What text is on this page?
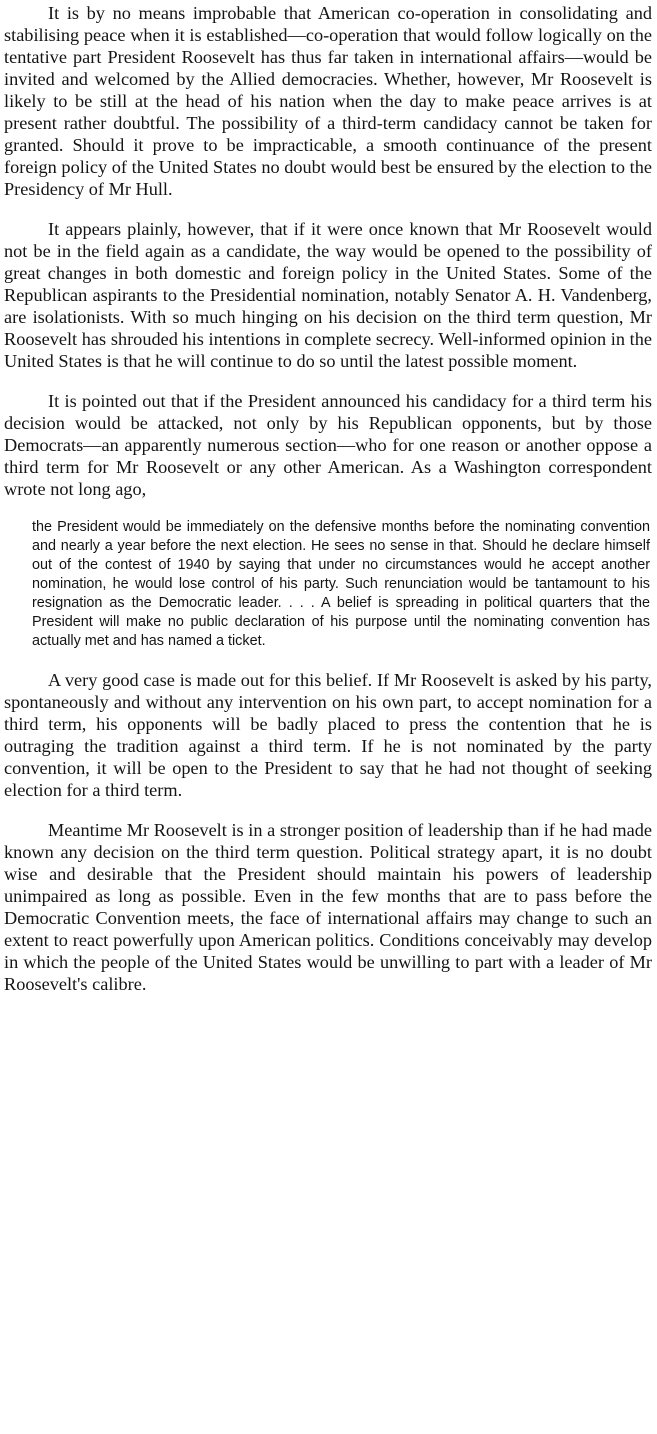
It is by no means improbable that American co-operation in consolidating and stabilising peace when it is established—co-operation that would follow logically on the tentative part President Roosevelt has thus far taken in international affairs—would be invited and welcomed by the Allied democracies. Whether, however, Mr Roosevelt is likely to be still at the head of his nation when the day to make peace arrives is at present rather doubtful. The possibility of a third-term candidacy cannot be taken for granted. Should it prove to be impracticable, a smooth continuance of the present foreign policy of the United States no doubt would best be ensured by the election to the Presidency of Mr Hull.

It appears plainly, however, that if it were once known that Mr Roosevelt would not be in the field again as a candidate, the way would be opened to the possibility of great changes in both domestic and foreign policy in the United States. Some of the Republican aspirants to the Presidential nomination, notably Senator A. H. Vandenberg, are isolationists. With so much hinging on his decision on the third term question, Mr Roosevelt has shrouded his intentions in complete secrecy. Well-informed opinion in the United States is that he will continue to do so until the latest possible moment.

It is pointed out that if the President announced his candidacy for a third term his decision would be attacked, not only by his Republican opponents, but by those Democrats—an apparently numerous section—who for one reason or another oppose a third term for Mr Roosevelt or any other American. As a Washington correspondent wrote not long ago,

the President would be immediately on the defensive months before the nominating convention and nearly a year before the next election. He sees no sense in that. Should he declare himself out of the contest of 1940 by saying that under no circumstances would he accept another nomination, he would lose control of his party. Such renunciation would be tantamount to his resignation as the Democratic leader. . . . A belief is spreading in political quarters that the President will make no public declaration of his purpose until the nominating convention has actually met and has named a ticket.

A very good case is made out for this belief. If Mr Roosevelt is asked by his party, spontaneously and without any intervention on his own part, to accept nomination for a third term, his opponents will be badly placed to press the contention that he is outraging the tradition against a third term. If he is not nominated by the party convention, it will be open to the President to say that he had not thought of seeking election for a third term.

Meantime Mr Roosevelt is in a stronger position of leadership than if he had made known any decision on the third term question. Political strategy apart, it is no doubt wise and desirable that the President should maintain his powers of leadership unimpaired as long as possible. Even in the few months that are to pass before the Democratic Convention meets, the face of international affairs may change to such an extent to react powerfully upon American politics. Conditions conceivably may develop in which the people of the United States would be unwilling to part with a leader of Mr Roosevelt's calibre.
